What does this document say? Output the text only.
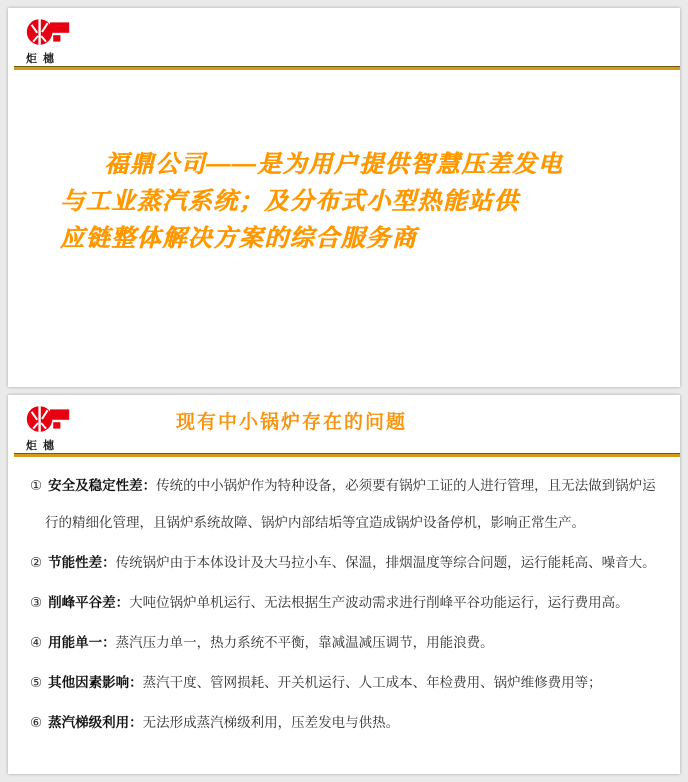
炬橞
福鼎公司——是为用户提供智慧压差发电
与工业蒸汽系统；及分布式小型热能站供
应链整体解决方案的综合服务商
炬橞
现有中小锅炉存在的问题
① 安全及稳定性差：传统的中小锅炉作为特种设备，必须要有锅炉工证的人进行管理，且无法做到锅炉运行的精细化管理，且锅炉系统故障、锅炉内部结垢等宜造成锅炉设备停机，影响正常生产。
② 节能性差：传统锅炉由于本体设计及大马拉小车、保温，排烟温度等综合问题，运行能耗高、噪音大。
③ 削峰平谷差：大吨位锅炉单机运行、无法根据生产波动需求进行削峰平谷功能运行，运行费用高。
④ 用能单一：蒸汽压力单一，热力系统不平衡，靠减温减压调节，用能浪费。
⑤ 其他因素影响：蒸汽干度、管网损耗、开关机运行、人工成本、年检费用、锅炉维修费用等；
⑥ 蒸汽梯级利用：无法形成蒸汽梯级利用，压差发电与供热。
